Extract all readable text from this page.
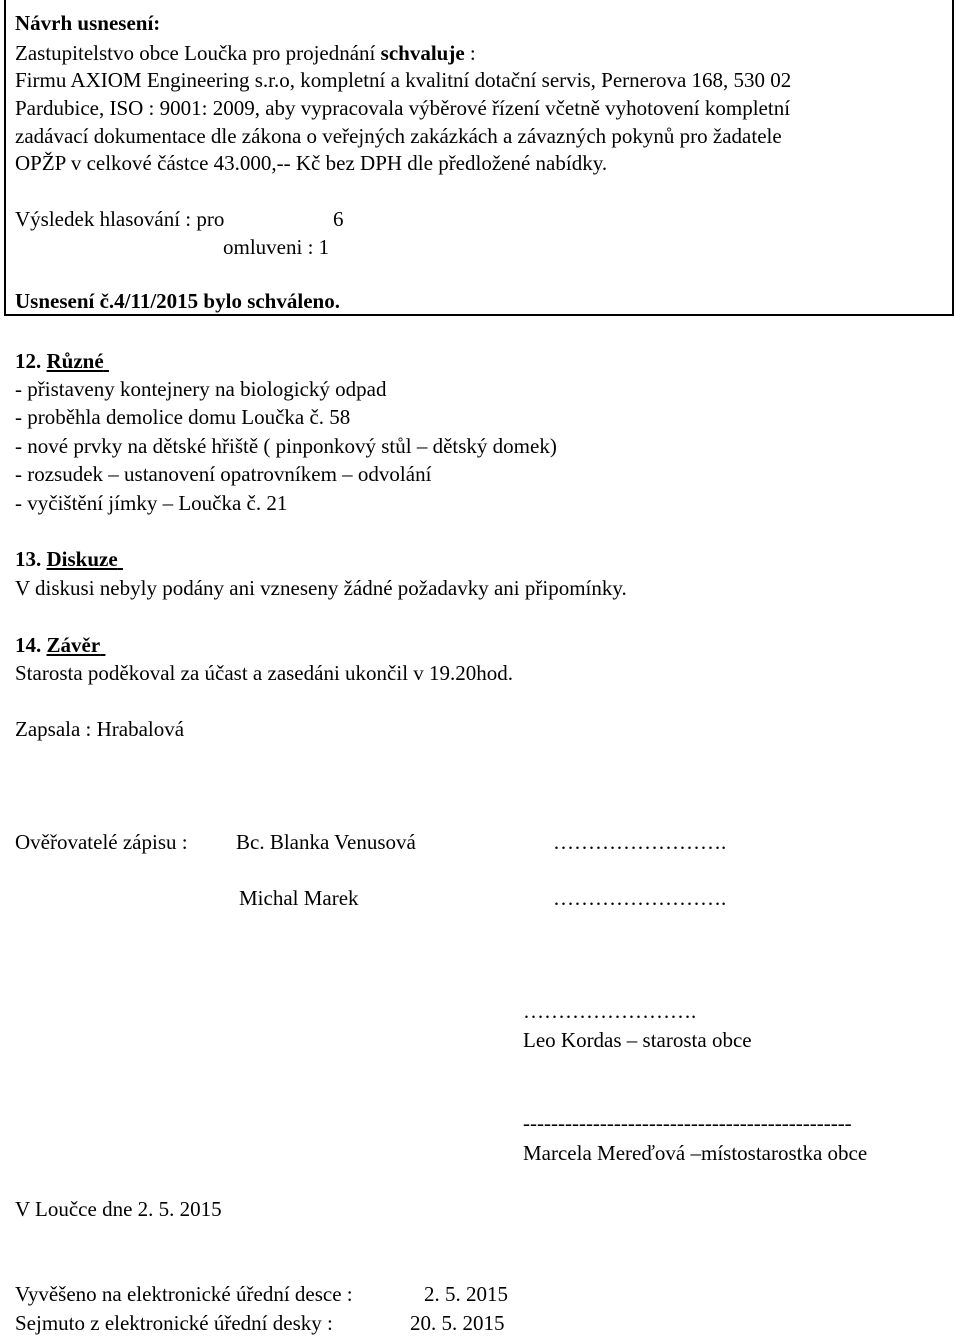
Návrh usnesení:
Zastupitelstvo obce Loučka pro projednání schvaluje :
Firmu AXIOM Engineering s.r.o, kompletní a kvalitní dotační servis, Pernerova 168, 530 02
Pardubice, ISO : 9001: 2009, aby vypracovala výběrové řízení včetně vyhotovení kompletní
zadávací dokumentace dle zákona o veřejných zakázkách a závazných pokynů pro žadatele
OPŽP v celkové částce 43.000,-- Kč bez DPH dle předložené nabídky.
Výsledek hlasování : pro	6
omluveni : 1
Usnesení č.4/11/2015 bylo schváleno.
12. Různé
- přistaveny kontejnery na biologický odpad
- proběhla demolice domu Loučka č. 58
- nové prvky na dětské hřiště ( pinponkový stůl – dětský domek)
- rozsudek – ustanovení opatrovníkem – odvolání
- vyčištění jímky – Loučka č. 21
13. Diskuze
V diskusi nebyly podány ani vzneseny žádné požadavky ani připomínky.
14. Závěr
Starosta poděkoval za účast a zasedáni ukončil v 19.20hod.
Zapsala : Hrabalová
Ověřovatelé zápisu : Bc. Blanka Venusová	…………………….
Michal Marek	…………………….
…………………….
Leo Kordas – starosta obce
-----------------------------------------------
Marcela Mereďová –místostarostka obce
V Loučce dne 2. 5. 2015
Vyvěšeno na elektronické úřední desce :	2. 5. 2015
Sejmuto z elektronické úřední desky :	20. 5. 2015
